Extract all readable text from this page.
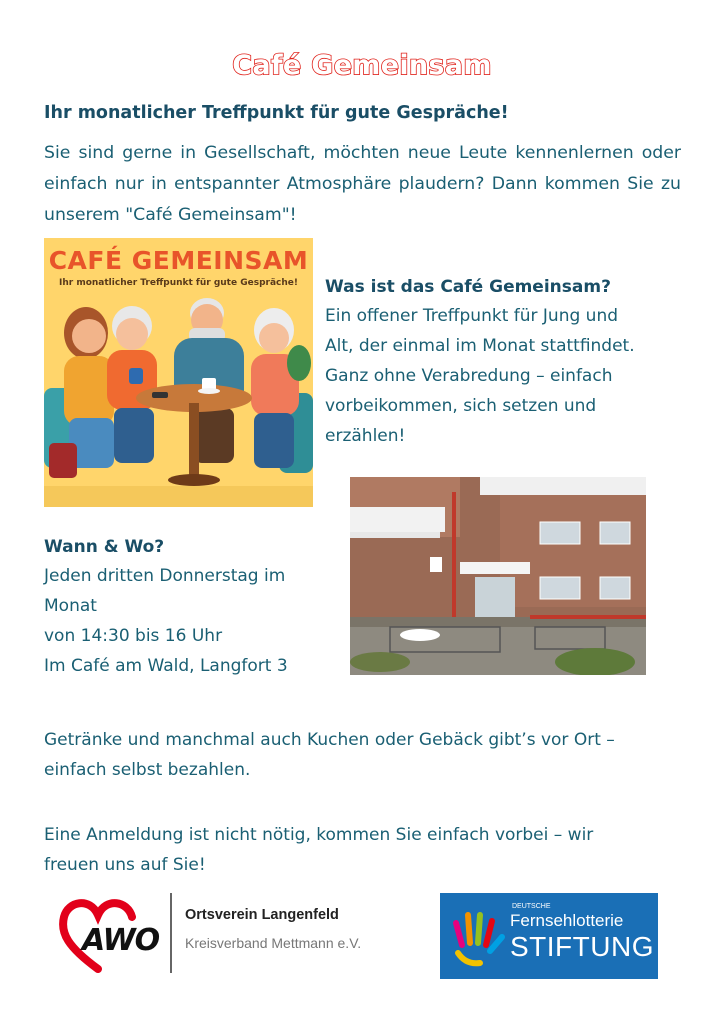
Café Gemeinsam
Ihr monatlicher Treffpunkt für gute Gespräche!
Sie sind gerne in Gesellschaft, möchten neue Leute kennenlernen oder einfach nur in entspannter Atmosphäre plaudern? Dann kommen Sie zu unserem "Café Gemeinsam"!
CAFÉ GEMEINSAM
Ihr monatlicher Treffpunkt für gute Gespräche!	Was ist das Café Gemeinsam?
Ein offener Treffpunkt für Jung und
Alt, der einmal im Monat stattfindet.
Ganz ohne Verabredung – einfach
vorbeikommen, sich setzen und
erzählen!
Wann & Wo?
Jeden dritten Donnerstag im
Monat
von 14:30 bis 16 Uhr
Im Café am Wald, Langfort 3
Getränke und manchmal auch Kuchen oder Gebäck gibt’s vor Ort –
einfach selbst bezahlen.
Eine Anmeldung ist nicht nötig, kommen Sie einfach vorbei – wir
freuen uns auf Sie!
AWO
Ortsverein Langenfeld
Kreisverband Mettmann e.V.
DEUTSCHE
Fernsehlotterie
STIFTUNG
